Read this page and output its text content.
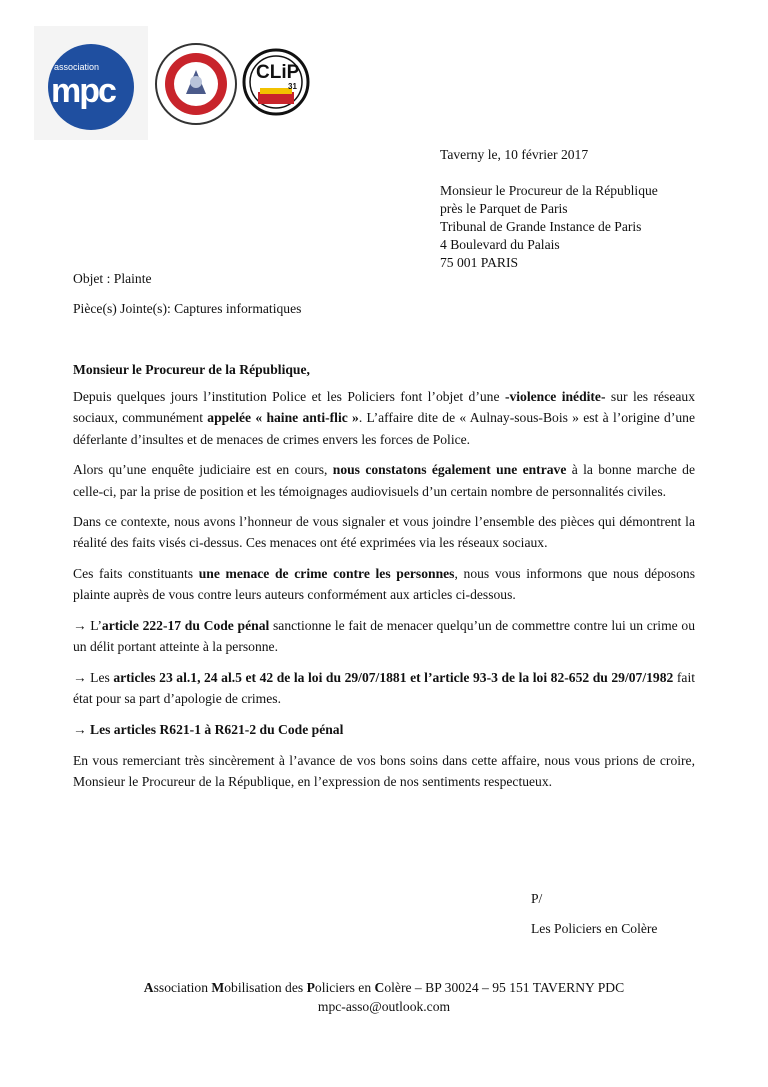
association
mpc	CLiP
31
Taverny le, 10 février 2017
Monsieur le Procureur de la République
près le Parquet de Paris
Tribunal de Grande Instance de Paris
4 Boulevard du Palais
75 001 PARIS
Objet : Plainte
Pièce(s) Jointe(s): Captures informatiques

Monsieur le Procureur de la République,

Depuis quelques jours l’institution Police et les Policiers font l’objet d’une -violence inédite- sur les réseaux sociaux, communément appelée « haine anti-flic ». L’affaire dite de « Aulnay-sous-Bois » est à l’origine d’une déferlante d’insultes et de menaces de crimes envers les forces de Police.

Alors qu’une enquête judiciaire est en cours, nous constatons également une entrave à la bonne marche de celle-ci, par la prise de position et les témoignages audiovisuels d’un certain nombre de personnalités civiles.

Dans ce contexte, nous avons l’honneur de vous signaler et vous joindre l’ensemble des pièces qui démontrent la réalité des faits visés ci-dessus. Ces menaces ont été exprimées via les réseaux sociaux.

Ces faits constituants une menace de crime contre les personnes, nous vous informons que nous déposons plainte auprès de vous contre leurs auteurs conformément aux articles ci-dessous.

→ L’article 222-17 du Code pénal sanctionne le fait de menacer quelqu’un de commettre contre lui un crime ou un délit portant atteinte à la personne.

→ Les articles 23 al.1, 24 al.5 et 42 de la loi du 29/07/1881 et l’article 93-3 de la loi 82-652 du 29/07/1982 fait état pour sa part d’apologie de crimes.

→ Les articles R621-1 à R621-2 du Code pénal

En vous remerciant très sincèrement à l’avance de vos bons soins dans cette affaire, nous vous prions de croire, Monsieur le Procureur de la République, en l’expression de nos sentiments respectueux.

P/
Les Policiers en Colère
Association Mobilisation des Policiers en Colère – BP 30024 – 95 151 TAVERNY PDC
mpc-asso@outlook.com
